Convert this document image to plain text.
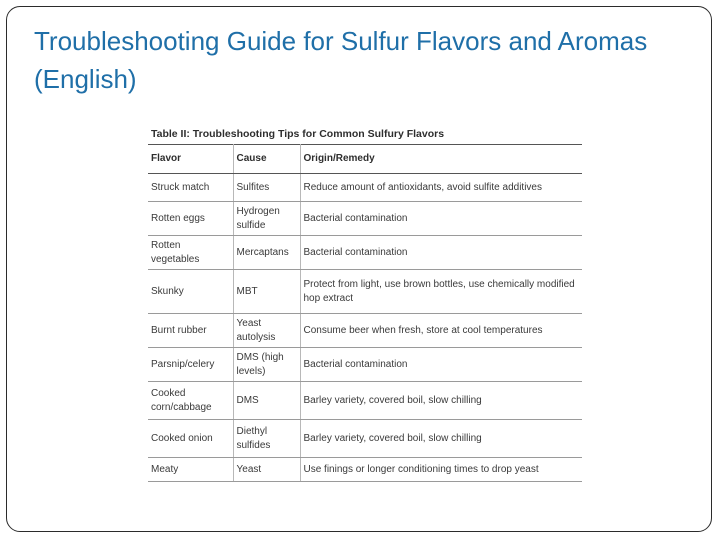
Troubleshooting Guide for Sulfur Flavors and Aromas (English)
Table II: Troubleshooting Tips for Common Sulfury Flavors
Flavor	Cause	Origin/Remedy
Struck match	Sulfites	Reduce amount of antioxidants, avoid sulfite additives
Rotten eggs	Hydrogen sulfide	Bacterial contamination
Rotten vegetables	Mercaptans	Bacterial contamination
Skunky	MBT	Protect from light, use brown bottles, use chemically modified hop extract
Burnt rubber	Yeast autolysis	Consume beer when fresh, store at cool temperatures
Parsnip/celery	DMS (high levels)	Bacterial contamination
Cooked corn/cabbage	DMS	Barley variety, covered boil, slow chilling
Cooked onion	Diethyl sulfides	Barley variety, covered boil, slow chilling
Meaty	Yeast	Use finings or longer conditioning times to drop yeast
